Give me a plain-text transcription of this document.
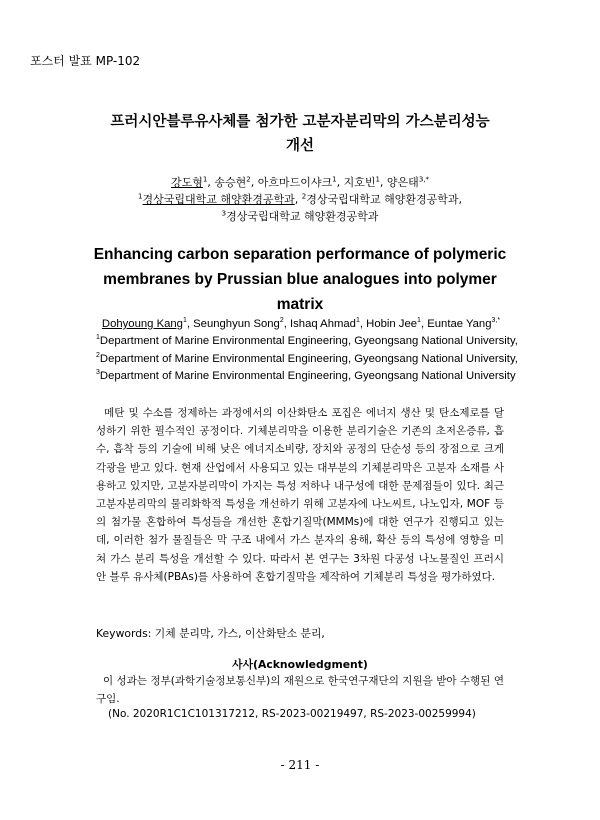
포스터 발표 MP-102
프러시안블루유사체를 첨가한 고분자분리막의 가스분리성능
개선
강도형$^1$, 송승현$^2$, 아흐마드이샤크$^1$, 지호빈$^1$, 양은태$^{3,*}$
$^1$경상국립대학교 해양환경공학과, $^2$경상국립대학교 해양환경공학과,
$^3$경상국립대학교 해양환경공학과
Enhancing carbon separation performance of polymeric
membranes by Prussian blue analogues into polymer
matrix
Dohyoung Kang$^1$, Seunghyun Song$^2$, Ishaq Ahmad$^1$, Hobin Jee$^1$, Euntae Yang$^{3,*}$
$^1$Department of Marine Environmental Engineering, Gyeongsang National University,
$^2$Department of Marine Environmental Engineering, Gyeongsang National University,
$^3$Department of Marine Environmental Engineering, Gyeongsang National University
메탄 및 수소를 정제하는 과정에서의 이산화탄소 포집은 에너지 생산 및 탄소제로를 달성하기 위한 필수적인 공정이다. 기체분리막을 이용한 분리기술은 기존의 초저온증류, 흡수, 흡착 등의 기술에 비해 낮은 에너지소비량, 장치와 공정의 단순성 등의 장점으로 크게 각광을 받고 있다. 현재 산업에서 사용되고 있는 대부분의 기체분리막은 고분자 소재를 사용하고 있지만, 고분자분리막이 가지는 특성 저하나 내구성에 대한 문제점들이 있다. 최근 고분자분리막의 물리화학적 특성을 개선하기 위해 고분자에 나노씨트, 나노입자, MOF 등의 첨가물 혼합하여 특성들을 개선한 혼합기질막(MMMs)에 대한 연구가 진행되고 있는데, 이러한 첨가 물질들은 막 구조 내에서 가스 분자의 용해, 확산 등의 특성에 영향을 미쳐 가스 분리 특성을 개선할 수 있다. 따라서 본 연구는 3차원 다공성 나노물질인 프러시안 블루 유사체(PBAs)를 사용하여 혼합기질막을 제작하여 기체분리 특성을 평가하였다.
Keywords: 기체 분리막, 가스, 이산화탄소 분리,
사사(Acknowledgment)
이 성과는 정부(과학기술정보통신부)의 재원으로 한국연구재단의 지원을 받아 수행된 연구임.
(No. 2020R1C1C101317212, RS-2023-00219497, RS-2023-00259994)
- 211 -
